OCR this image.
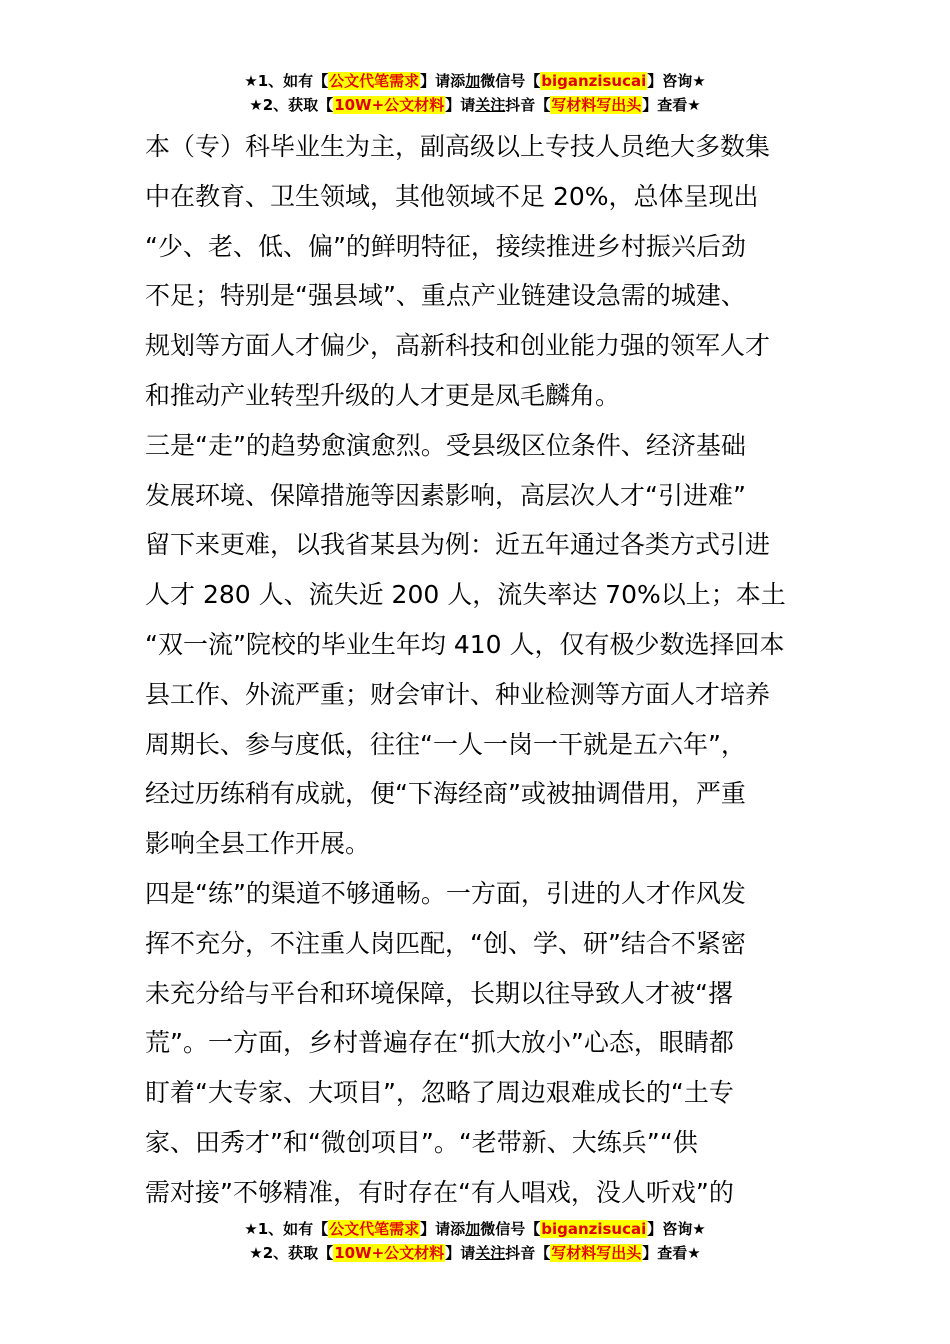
★1、如有【公文代笔需求】请添加微信号【biganzisucai】咨询★
★2、获取【10W+公文材料】请关注抖音【写材料写出头】查看★

本（专）科毕业生为主，副高级以上专技人员绝大多数集
中在教育、卫生领域，其他领域不足 20%，总体呈现出
“少、老、低、偏”的鲜明特征，接续推进乡村振兴后劲
不足；特别是“强县域”、重点产业链建设急需的城建、
规划等方面人才偏少，高新科技和创业能力强的领军人才
和推动产业转型升级的人才更是凤毛麟角。

三是“走”的趋势愈演愈烈。受县级区位条件、经济基础
发展环境、保障措施等因素影响，高层次人才“引进难”
留下来更难，以我省某县为例：近五年通过各类方式引进
人才 280 人、流失近 200 人，流失率达 70%以上；本土
“双一流”院校的毕业生年均 410 人，仅有极少数选择回本
县工作、外流严重；财会审计、种业检测等方面人才培养
周期长、参与度低，往往“一人一岗一干就是五六年”，
经过历练稍有成就，便“下海经商”或被抽调借用，严重
影响全县工作开展。

四是“练”的渠道不够通畅。一方面，引进的人才作风发
挥不充分，不注重人岗匹配，“创、学、研”结合不紧密
未充分给与平台和环境保障，长期以往导致人才被“撂
荒”。一方面，乡村普遍存在“抓大放小”心态，眼睛都
盯着“大专家、大项目”，忽略了周边艰难成长的“土专
家、田秀才”和“微创项目”。“老带新、大练兵”“供
需对接”不够精准，有时存在“有人唱戏，没人听戏”的

★1、如有【公文代笔需求】请添加微信号【biganzisucai】咨询★
★2、获取【10W+公文材料】请关注抖音【写材料写出头】查看★
